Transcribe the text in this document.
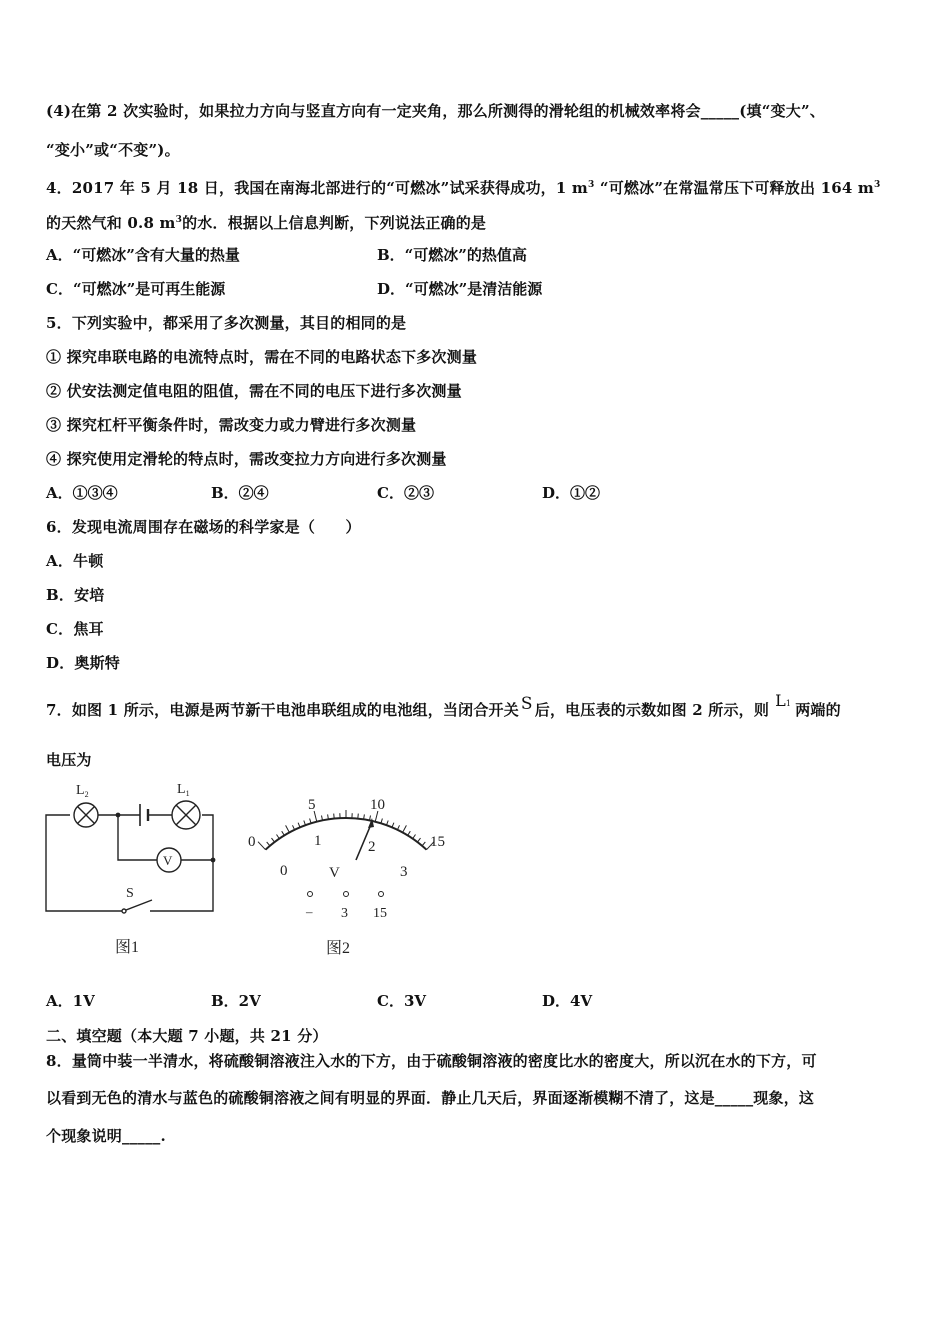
(4)在第 2 次实验时，如果拉力方向与竖直方向有一定夹角，那么所测得的滑轮组的机械效率将会_____(填“变大”、
“变小”或“不变”)。
4．2017 年 5 月 18 日，我国在南海北部进行的“可燃冰”试采获得成功，1 $m^3$ “可燃冰”在常温常压下可释放出 164 $m^3$
的天然气和 0.8 $m^3$的水．根据以上信息判断，下列说法正确的是
A．“可燃冰”含有大量的热量	B．“可燃冰”的热值高
C．“可燃冰”是可再生能源	D．“可燃冰”是清洁能源
5．下列实验中，都采用了多次测量，其目的相同的是
① 探究串联电路的电流特点时，需在不同的电路状态下多次测量
② 伏安法测定值电阻的阻值，需在不同的电压下进行多次测量
③ 探究杠杆平衡条件时，需改变力或力臂进行多次测量
④ 探究使用定滑轮的特点时，需改变拉力方向进行多次测量
A．①③④	B．②④	C．②③	D．①②
6．发现电流周围存在磁场的科学家是（　　）
A．牛顿
B．安培
C．焦耳
D．奥斯特
7．如图 1 所示，电源是两节新干电池串联组成的电池组，当闭合开关 S 后，电压表的示数如图 2 所示，则 L1 两端的
电压为
$L_2$	$L_1$
V
S
图1
0
5	10
15
0
1	2
3
V
– 3 15
图2
A．1V	B．2V	C．3V	D．4V
二、填空题（本大题 7 小题，共 21 分）
8．量筒中装一半清水，将硫酸铜溶液注入水的下方，由于硫酸铜溶液的密度比水的密度大，所以沉在水的下方，可
以看到无色的清水与蓝色的硫酸铜溶液之间有明显的界面．静止几天后，界面逐渐模糊不清了，这是_____现象，这
个现象说明_____.
